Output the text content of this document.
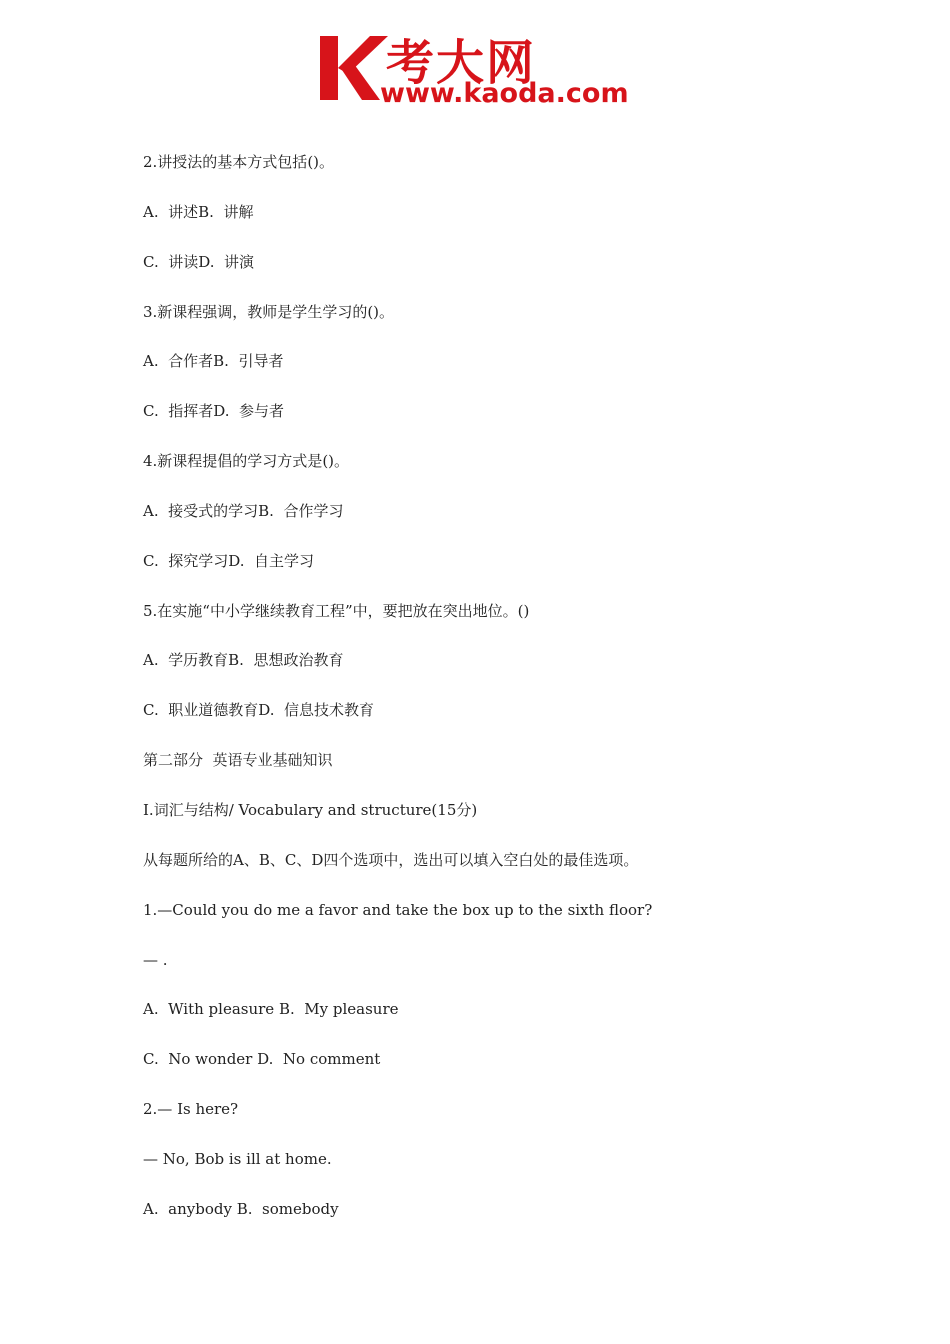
考大网
www.kaoda.com
2.讲授法的基本方式包括()。
A.  讲述B.  讲解
C.  讲读D.  讲演
3.新课程强调，教师是学生学习的()。
A.  合作者B.  引导者
C.  指挥者D.  参与者
4.新课程提倡的学习方式是()。
A.  接受式的学习B.  合作学习
C.  探究学习D.  自主学习
5.在实施“中小学继续教育工程”中，要把放在突出地位。()
A.  学历教育B.  思想政治教育
C.  职业道德教育D.  信息技术教育
第二部分  英语专业基础知识
Ⅰ.词汇与结构/ Vocabulary and structure(15分)
从每题所给的A、B、C、D四个选项中，选出可以填入空白处的最佳选项。
1.—Could you do me a favor and take the box up to the sixth floor?
— .
A.  With pleasure B.  My pleasure
C.  No wonder D.  No comment
2.— Is here?
— No, Bob is ill at home.
A.  anybody B.  somebody
